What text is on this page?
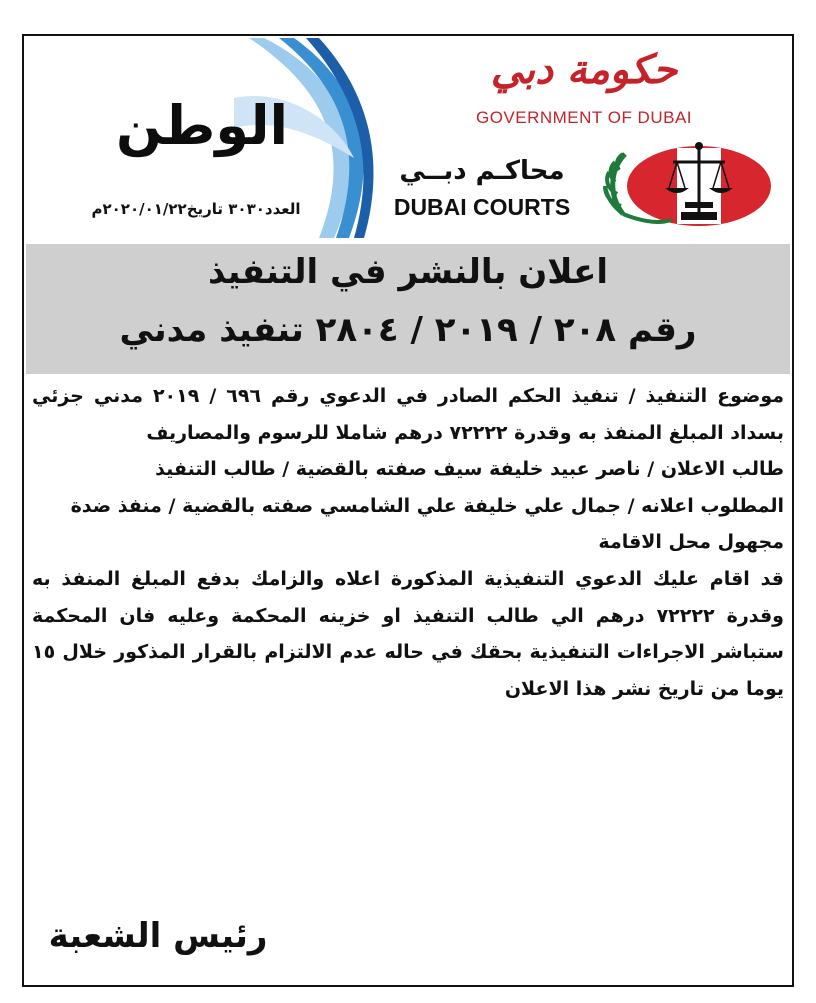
الوطن
العدد٣٠٣٠ تاريخ٢٠٢٠/٠١/٢٢م
حكومة دبي
GOVERNMENT OF DUBAI
محاكـم دبــي
DUBAI COURTS
اعلان بالنشر في التنفيذ
رقم ٢٠٨ / ٢٠١٩ / ٢٨٠٤ تنفيذ مدني

موضوع التنفيذ / تنفيذ الحكم الصادر في الدعوي رقم ٦٩٦ / ٢٠١٩ مدني جزئي بسداد المبلغ المنفذ به وقدرة ٧٢٢٢٢ درهم شاملا للرسوم والمصاريف

طالب الاعلان / ناصر عبيد خليفة سيف صفته بالقضية / طالب التنفيذ

المطلوب اعلانه / جمال علي خليفة علي الشامسي صفته بالقضية / منفذ ضدة

مجهول محل الاقامة

قد اقام عليك الدعوي التنفيذية المذكورة اعلاه والزامك بدفع المبلغ المنفذ به وقدرة ٧٢٢٢٢ درهم الي طالب التنفيذ او خزينه المحكمة وعليه فان المحكمة ستباشر الاجراءات التنفيذية بحقك في حاله عدم الالتزام بالقرار المذكور خلال ١٥ يوما من تاريخ نشر هذا الاعلان

رئيس الشعبة
